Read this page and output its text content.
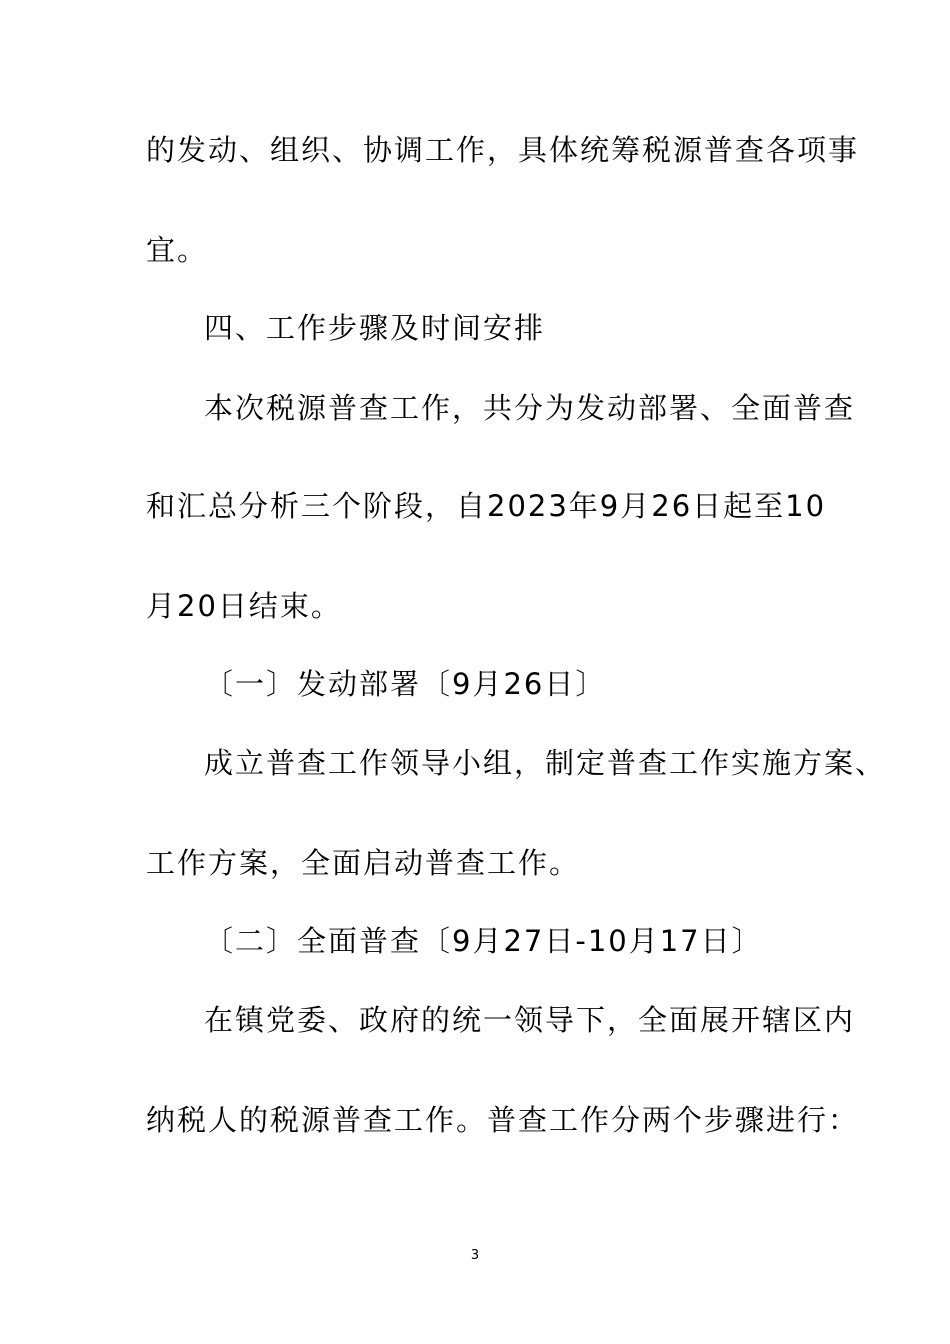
的发动、组织、协调工作，具体统筹税源普查各项事
宜。
四、工作步骤及时间安排
本次税源普查工作，共分为发动部署、全面普查
和汇总分析三个阶段，自2023年9月26日起至10
月20日结束。
〔一〕发动部署〔9月26日〕
成立普查工作领导小组，制定普查工作实施方案、
工作方案，全面启动普查工作。
〔二〕全面普查〔9月27日-10月17日〕
在镇党委、政府的统一领导下，全面展开辖区内
纳税人的税源普查工作。普查工作分两个步骤进行：
3
